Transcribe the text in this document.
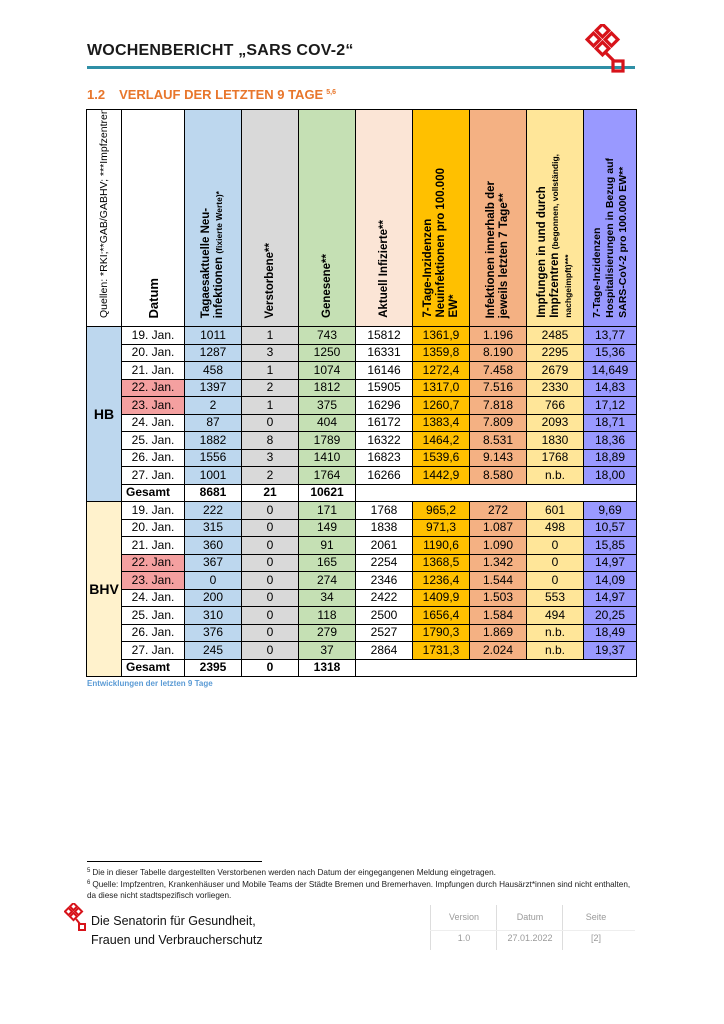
WOCHENBERICHT „SARS COV-2“
1.2 VERLAUF DER LETZTEN 9 TAGE $^{5,6}$
Quellen: *RKI;**GAB/GABHV; ***Impfzentren	Datum	Tagaesaktuelle Neu-
infektionen (fixierte Werte)*	Verstorbene**	Genesene**	Aktuell Infizierte**	7-Tage-Inzidenzen
Neuinfektionen pro 100.000
EW*	Infektionen innerhalb der
jeweils letzten 7 Tage**	Impfungen in und durch
Impfzentren (begonnen, vollständig,
nachgeimpft)***	7-Tage-Inzidenzen
Hospitalisierungen in Bezug auf
SARS-CoV-2 pro 100.000 EW**
HB	19. Jan.	1011	1	743	15812	1361,9	1.196	2485	13,77
	20. Jan.	1287	3	1250	16331	1359,8	8.190	2295	15,36
	21. Jan.	458	1	1074	16146	1272,4	7.458	2679	14,649
	22. Jan.	1397	2	1812	15905	1317,0	7.516	2330	14,83
	23. Jan.	2	1	375	16296	1260,7	7.818	766	17,12
	24. Jan.	87	0	404	16172	1383,4	7.809	2093	18,71
	25. Jan.	1882	8	1789	16322	1464,2	8.531	1830	18,36
	26. Jan.	1556	3	1410	16823	1539,6	9.143	1768	18,89
	27. Jan.	1001	2	1764	16266	1442,9	8.580	n.b.	18,00
	Gesamt	8681	21	10621					
BHV	19. Jan.	222	0	171	1768	965,2	272	601	9,69
	20. Jan.	315	0	149	1838	971,3	1.087	498	10,57
	21. Jan.	360	0	91	2061	1190,6	1.090	0	15,85
	22. Jan.	367	0	165	2254	1368,5	1.342	0	14,97
	23. Jan.	0	0	274	2346	1236,4	1.544	0	14,09
	24. Jan.	200	0	34	2422	1409,9	1.503	553	14,97
	25. Jan.	310	0	118	2500	1656,4	1.584	494	20,25
	26. Jan.	376	0	279	2527	1790,3	1.869	n.b.	18,49
	27. Jan.	245	0	37	2864	1731,3	2.024	n.b.	19,37
	Gesamt	2395	0	1318					
Entwicklungen der letzten 9 Tage
$^5$ Die in dieser Tabelle dargestellten Verstorbenen werden nach Datum der eingegangenen Meldung eingetragen.
$^6$ Quelle: Impfzentren, Krankenhäuser und Mobile Teams der Städte Bremen und Bremerhaven. Impfungen durch Hausärzt*innen sind nicht enthalten, da diese nicht stadtspezifisch vorliegen.
Die Senatorin für Gesundheit,
Frauen und Verbraucherschutz
Version
1.0
Datum
27.01.2022
Seite
[2]
